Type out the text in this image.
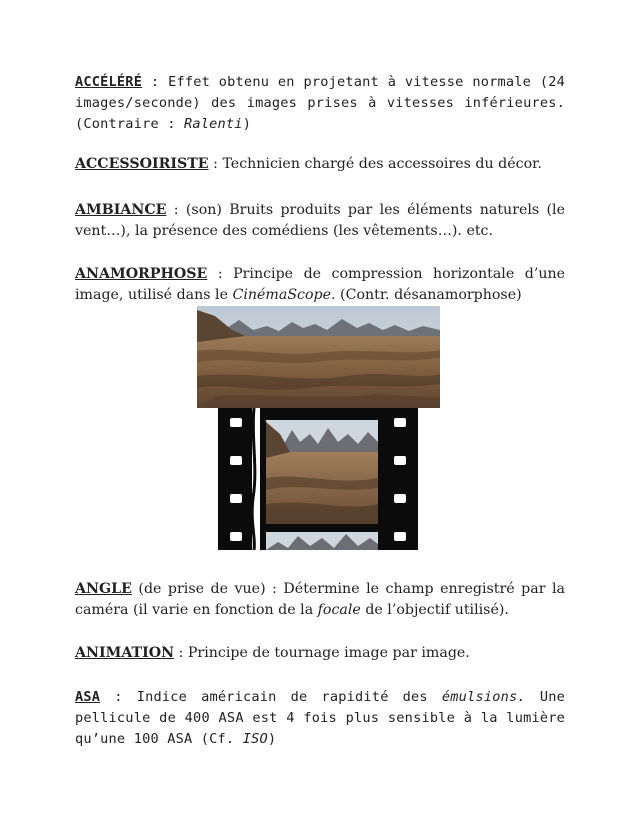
ACCÉLÉRÉ : Effet obtenu en projetant à vitesse normale (24 images/seconde) des images prises à vitesses inférieures. (Contraire : Ralenti)
ACCESSOIRISTE : Technicien chargé des accessoires du décor.
AMBIANCE : (son) Bruits produits par les éléments naturels (le vent…), la présence des comédiens (les vêtements…). etc.
ANAMORPHOSE : Principe de compression horizontale d’une image, utilisé dans le CinémaScope. (Contr. désanamorphose)
ANGLE (de prise de vue) : Détermine le champ enregistré par la caméra (il varie en fonction de la focale de l’objectif utilisé).
ANIMATION : Principe de tournage image par image.
ASA : Indice américain de rapidité des émulsions. Une pellicule de 400 ASA est 4 fois plus sensible à la lumière qu’une 100 ASA (Cf. ISO)
